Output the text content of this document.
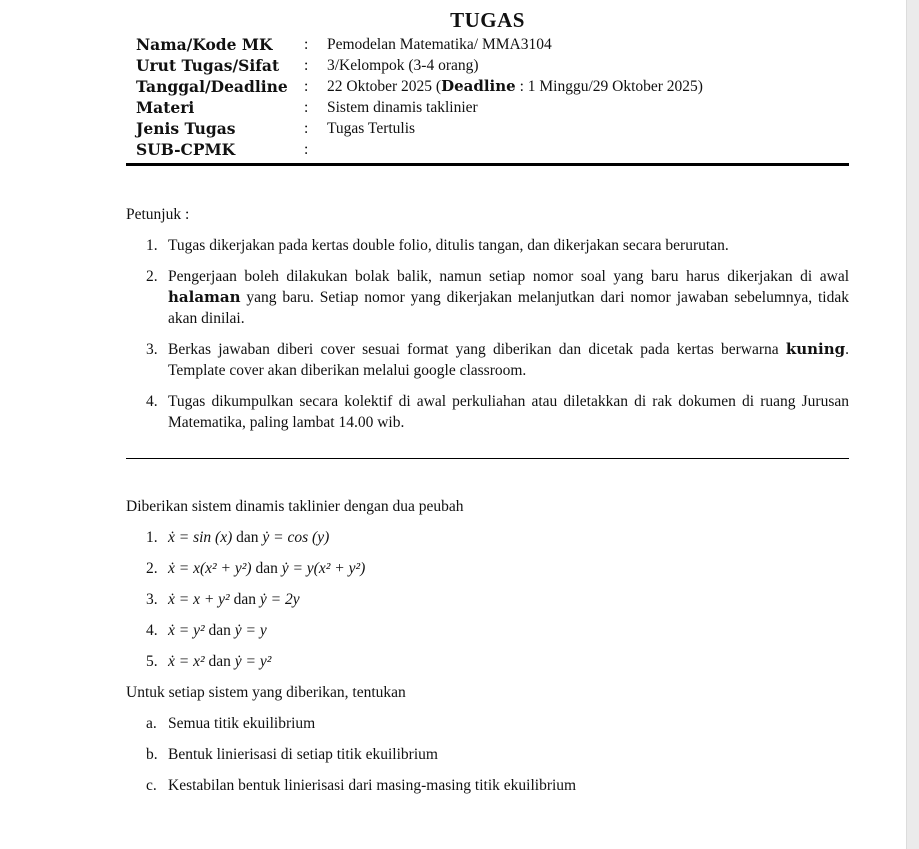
TUGAS
Nama/Kode MK	:	Pemodelan Matematika/ MMA3104
Urut Tugas/Sifat	:	3/Kelompok (3-4 orang)
Tanggal/Deadline	:	22 Oktober 2025 (Deadline : 1 Minggu/29 Oktober 2025)
Materi	:	Sistem dinamis taklinier
Jenis Tugas	:	Tugas Tertulis
SUB-CPMK	:
Petunjuk :
1. Tugas dikerjakan pada kertas double folio, ditulis tangan, dan dikerjakan secara berurutan.
2. Pengerjaan boleh dilakukan bolak balik, namun setiap nomor soal yang baru harus dikerjakan di awal halaman yang baru. Setiap nomor yang dikerjakan melanjutkan dari nomor jawaban sebelumnya, tidak akan dinilai.
3. Berkas jawaban diberi cover sesuai format yang diberikan dan dicetak pada kertas berwarna kuning. Template cover akan diberikan melalui google classroom.
4. Tugas dikumpulkan secara kolektif di awal perkuliahan atau diletakkan di rak dokumen di ruang Jurusan Matematika, paling lambat 14.00 wib.
Diberikan sistem dinamis taklinier dengan dua peubah
1. ẋ = sin (x) dan ẏ = cos (y)
2. ẋ = x(x² + y²) dan ẏ = y(x² + y²)
3. ẋ = x + y² dan ẏ = 2y
4. ẋ = y² dan ẏ = y
5. ẋ = x² dan ẏ = y²
Untuk setiap sistem yang diberikan, tentukan
a. Semua titik ekuilibrium
b. Bentuk linierisasi di setiap titik ekuilibrium
c. Kestabilan bentuk linierisasi dari masing-masing titik ekuilibrium
